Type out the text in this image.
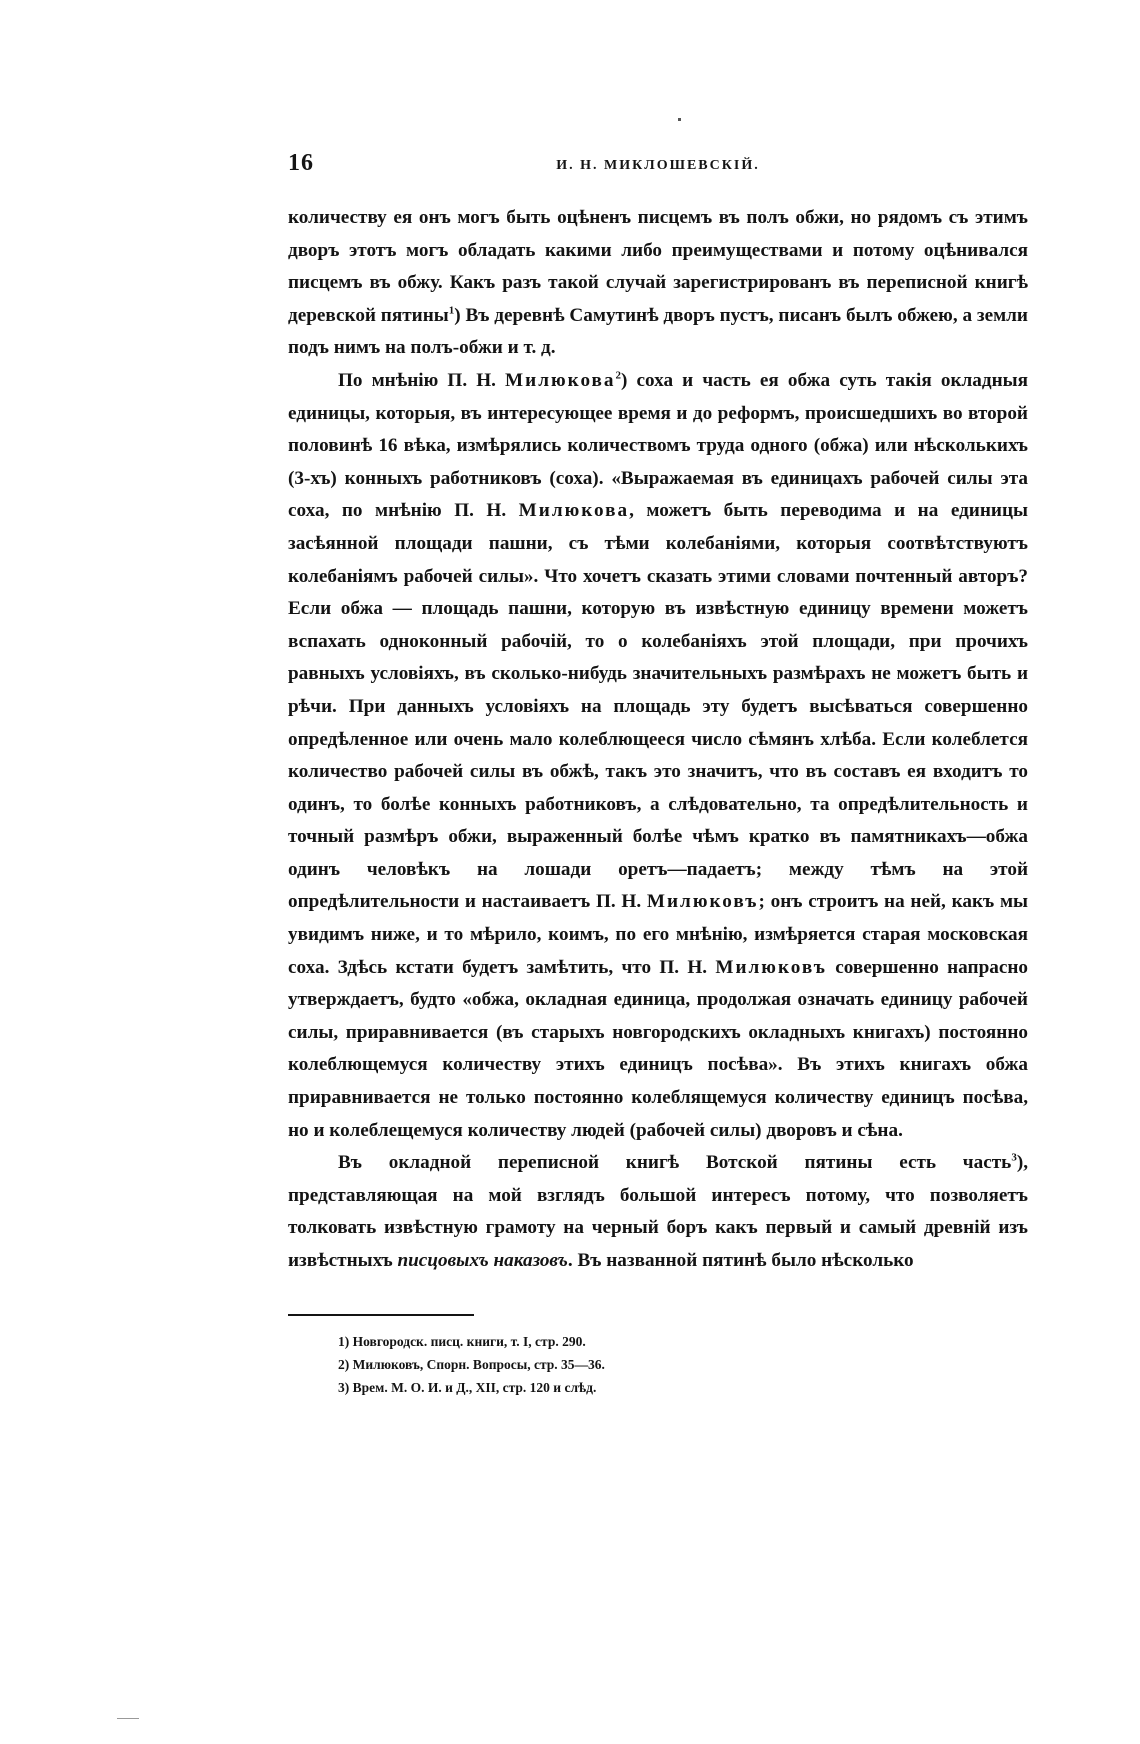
16	И. Н. МИКЛОШЕВСКІЙ.

количеству ея онъ могъ быть оцѣненъ писцемъ въ полъ обжи, но рядомъ съ этимъ дворъ этотъ могъ обладать какими либо преимуществами и потому оцѣнивался писцемъ въ обжу. Какъ разъ такой случай зарегистрированъ въ переписной книгѣ деревской пятины$^1$) Въ деревнѣ Самутинѣ дворъ пустъ, писанъ былъ обжею, а земли подъ нимъ на полъ-обжи и т. д.

По мнѣнію П. Н. Милюкова$^2$) соха и часть ея обжа суть такія окладныя единицы, которыя, въ интересующее время и до реформъ, происшедшихъ во второй половинѣ 16 вѣка, измѣрялись количествомъ труда одного (обжа) или нѣсколькихъ (3-хъ) конныхъ работниковъ (соха). «Выражаемая въ единицахъ рабочей силы эта соха, по мнѣнію П. Н. Милюкова, можетъ быть переводима и на единицы засѣянной площади пашни, съ тѣми колебаніями, которыя соотвѣтствуютъ колебаніямъ рабочей силы». Что хочетъ сказать этими словами почтенный авторъ? Если обжа — площадь пашни, которую въ извѣстную единицу времени можетъ вспахать одноконный рабочій, то о колебаніяхъ этой площади, при прочихъ равныхъ условіяхъ, въ сколько-нибудь значительныхъ размѣрахъ не можетъ быть и рѣчи. При данныхъ условіяхъ на площадь эту будетъ высѣваться совершенно опредѣленное или очень мало колеблющееся число сѣмянъ хлѣба. Если колеблется количество рабочей силы въ обжѣ, такъ это значитъ, что въ составъ ея входитъ то одинъ, то болѣе конныхъ работниковъ, а слѣдовательно, та опредѣлительность и точный размѣръ обжи, выраженный болѣе чѣмъ кратко въ памятникахъ—обжа одинъ человѣкъ на лошади оретъ—падаетъ; между тѣмъ на этой опредѣлительности и настаиваетъ П. Н. Милюковъ; онъ строитъ на ней, какъ мы увидимъ ниже, и то мѣрило, коимъ, по его мнѣнію, измѣряется старая московская соха. Здѣсь кстати будетъ замѣтить, что П. Н. Милюковъ совершенно напрасно утверждаетъ, будто «обжа, окладная единица, продолжая означать единицу рабочей силы, приравнивается (въ старыхъ новгородскихъ окладныхъ книгахъ) постоянно колеблющемуся количеству этихъ единицъ посѣва». Въ этихъ книгахъ обжа приравнивается не только постоянно колеблящемуся количеству единицъ посѣва, но и колеблещемуся количеству людей (рабочей силы) дворовъ и сѣна.

Въ окладной переписной книгѣ Вотской пятины есть часть$^3$), представляющая на мой взглядъ большой интересъ потому, что позволяетъ толковать извѣстную грамоту на черный боръ какъ первый и самый древній изъ извѣстныхъ писцовыхъ наказовъ. Въ названной пятинѣ было нѣсколько

1) Новгородск. писц. книги, т. I, стр. 290.
2) Милюковъ, Спорн. Вопросы, стр. 35—36.
3) Врем. М. О. И. и Д., XII, стр. 120 и слѣд.
